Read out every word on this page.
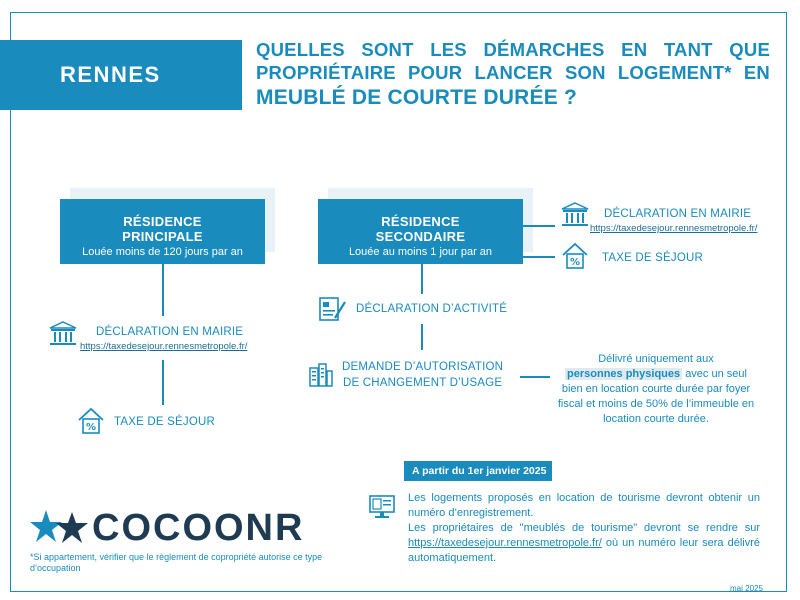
RENNES
QUELLES SONT LES DÉMARCHES EN TANT QUE
PROPRIÉTAIRE POUR LANCER SON LOGEMENT* EN
MEUBLÉ DE COURTE DURÉE ?
RÉSIDENCE
PRINCIPALE
Louée moins de 120 jours par an
DÉCLARATION EN MAIRIE
https://taxedesejour.rennesmetropole.fr/
% TAXE DE SÉJOUR
RÉSIDENCE
SECONDAIRE
Louée au moins 1 jour par an
DÉCLARATION EN MAIRIE
https://taxedesejour.rennesmetropole.fr/
% TAXE DE SÉJOUR
DÉCLARATION D’ACTIVITÉ
DEMANDE D’AUTORISATION
DE CHANGEMENT D’USAGE
Délivré uniquement aux
personnes physiques avec un seul bien en location courte durée par foyer fiscal et moins de 50% de l’immeuble en location courte durée.
A partir du 1er janvier 2025

Les logements proposés en location de tourisme devront obtenir un numéro d’enregistrement.

Les propriétaires de "meublés de tourisme" devront se rendre sur https://taxedesejour.rennesmetropole.fr/ où un numéro leur sera délivré automatiquement.

COCOONR
*Si appartement, vérifier que le règlement de copropriété autorise ce type d’occupation
mai 2025
